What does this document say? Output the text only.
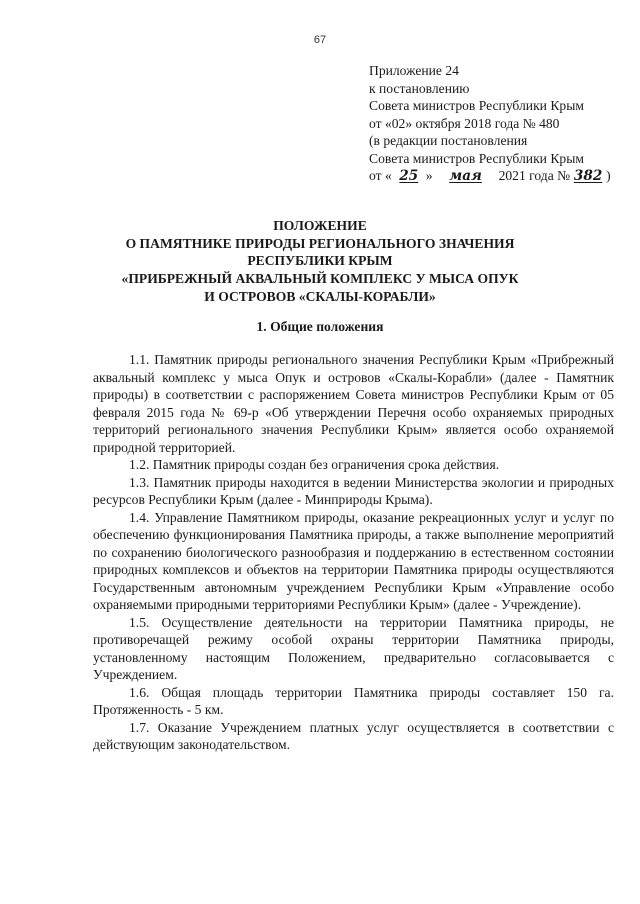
67
Приложение 24
к постановлению
Совета министров Республики Крым
от «02» октября 2018 года № 480
(в редакции постановления
Совета министров Республики Крым
от « 25 » мая 2021 года № 382 )
ПОЛОЖЕНИЕ
О ПАМЯТНИКЕ ПРИРОДЫ РЕГИОНАЛЬНОГО ЗНАЧЕНИЯ
РЕСПУБЛИКИ КРЫМ
«ПРИБРЕЖНЫЙ АКВАЛЬНЫЙ КОМПЛЕКС У МЫСА ОПУК
И ОСТРОВОВ «СКАЛЫ-КОРАБЛИ»
1. Общие положения

1.1. Памятник природы регионального значения Республики Крым «Прибрежный аквальный комплекс у мыса Опук и островов «Скалы-Корабли» (далее - Памятник природы) в соответствии с распоряжением Совета министров Республики Крым от 05 февраля 2015 года № 69-р «Об утверждении Перечня особо охраняемых природных территорий регионального значения Республики Крым» является особо охраняемой природной территорией.

1.2. Памятник природы создан без ограничения срока действия.

1.3. Памятник природы находится в ведении Министерства экологии и природных ресурсов Республики Крым (далее - Минприроды Крыма).

1.4. Управление Памятником природы, оказание рекреационных услуг и услуг по обеспечению функционирования Памятника природы, а также выполнение мероприятий по сохранению биологического разнообразия и поддержанию в естественном состоянии природных комплексов и объектов на территории Памятника природы осуществляются Государственным автономным учреждением Республики Крым «Управление особо охраняемыми природными территориями Республики Крым» (далее - Учреждение).

1.5. Осуществление деятельности на территории Памятника природы, не противоречащей режиму особой охраны территории Памятника природы, установленному настоящим Положением, предварительно согласовывается с Учреждением.

1.6. Общая площадь территории Памятника природы составляет 150 га. Протяженность - 5 км.

1.7. Оказание Учреждением платных услуг осуществляется в соответствии с действующим законодательством.
